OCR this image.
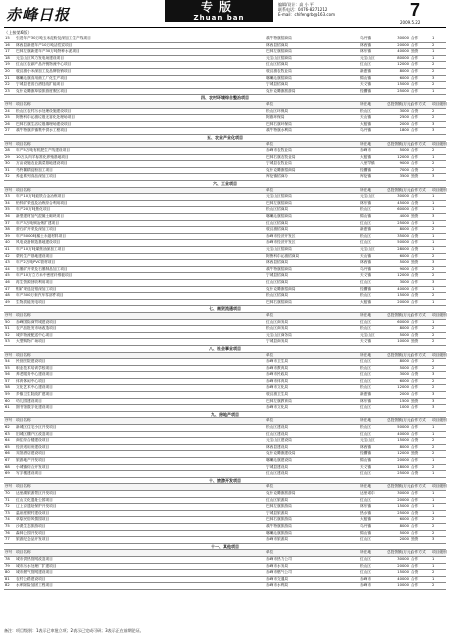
赤峰日报	专版
Zhuan ban
编辑/设计：高 小 平
联系电话：0476-8271212
E-mail：chifengrb@163.com	7
2009.5.22
（上接第6版）
15	引进年产30万吨玉米淀粉及深加工生产线项目	翁牛特旗招商局	乌丹镇	30000 合作	1
16	林西县新建年产10万吨活性炭项目	林西县招商局	林西镇	20000 合作	2
17	巴林左旗新建年产30万吨特种水泥项目	巴林左旗招商局	林东镇	40000 独资	1
18	元宝山区风力发电场建设项目	元宝山区招商局	元宝山区	80000 合作	1
19	红山区农副产品冷链物流中心项目	红山区招商局	红山区	12000 合作	2
20	敖汉旗小米深加工及品牌营销项目	敖汉旗农牧业局	新惠镇	8000 合作	2
21	喀喇沁旗食用菌工厂化生产项目	喀喇沁旗招商局	锦山镇	6000 合作	3
22	宁城县老窖白酒技改扩能项目	宁城县招商局	天义镇	15000 合作	2
23	克什克腾旗草原旅游度假区项目	克什克腾旗旅游局	经棚镇	25000 合作	1
四、农村环境综合整治项目
序号 项目名称	单位	所在地	总投资额(万元)
合作方式	项目级别
24	松山区农村污水处理设施建设项目	松山区环保局	松山区	3000 合资	2
25	阿鲁科尔沁旗垃圾无害化处理场项目	阿旗环保局	天山镇	2500 合作	2
26	巴林右旗生活垃圾填埋场建设项目	巴林右旗环保局	大板镇	2000 合作	3
27	翁牛特旗乡镇集中供水工程项目	翁牛特旗水利局	乌丹镇	1800 合作	3
五、农业产业化项目
序号 项目名称	单位	所在地	总投资额(万元)
合作方式	项目级别
28	年产5万吨有机肥生产线建设项目	赤峰市农牧业局	赤峰市	5000 合作	2
29	10万头肉羊标准化养殖基地项目	巴林右旗农牧业局	大板镇	12000 合作	1
30	万亩设施农业蔬菜基地建设项目	宁城县农牧业局	八里罕镇	9000 合作	2
31	马铃薯精淀粉加工项目	克什克腾旗招商局	经棚镇	7000 合资	2
32	荞麦系列食品深加工项目	库伦镇招商办	库伦镇	3500 独资	3
六、工业项目
序号 项目名称	单位	所在地	总投资额(万元)
合作方式	项目级别
33	年产10万吨硅铁合金冶炼项目	元宝山区招商局	元宝山区	30000 合作	1
34	铅锌矿采选及冶炼综合利用项目	巴林左旗招商局	林东镇	45000 合资	1
35	年产20万吨焦化项目	松山区招商局	松山区	60000 合作	1
36	新型建材加气混凝土砌块项目	喀喇沁旗招商局	锦山镇	4000 独资	3
37	年产3万吨铜冶炼扩建项目	红山区招商局	红山区	25000 合作	1
38	萤石矿开采及深加工项目	敖汉旗招商局	新惠镇	8000 合作	2
39	年产5000吨稀土永磁材料项目	赤峰市经济开发区	松山区	35000 合资	1
40	风电设备制造基地建设项目	赤峰市经济开发区	红山区	50000 合作	1
41	年产10万吨煤焦油深加工项目	元宝山区招商局	元宝山区	28000 合资	1
42	蒙药生产基地建设项目	阿鲁科尔沁旗招商局	天山镇	6000 合作	2
43	年产2万吨PVC管材项目	林西县招商局	林西镇	5000 独资	3
44	石墨矿开采及石墨制品加工项目	翁牛特旗招商局	乌丹镇	9000 合作	2
45	年产10万立方米中密度纤维板项目	宁城县招商局	天义镇	12000 合资	2
46	再生资源回收利用项目	红山区招商局	红山区	3000 合作	3
47	钼矿采选及钼深加工项目	克什克腾旗招商局	经棚镇	40000 合作	1
48	年产300万套汽车零部件项目	松山区招商局	松山区	15000 合资	2
49	生物质能发电项目	巴林右旗招商局	大板镇	20000 合作	1
七、商贸流通项目
序号 项目名称	单位	所在地	总投资额(万元)
合作方式	项目级别
50	赤峰国际商贸城建设项目	红山区商务局	红山区	60000 合作	1
51	农产品批发市场改造项目	松山区商务局	松山区	8000 合作	2
52	城乡物流配送中心项目	元宝山区商务局	元宝山区	5000 合资	2
53	大型购物广场项目	宁城县商务局	天义镇	10000 独资	2
八、社会事业项目
序号 项目名称	单位	所在地	总投资额(万元)
合作方式	项目级别
54	民营医院建设项目	赤峰市卫生局	红山区	8000 合作	2
55	职业技术培训学校项目	赤峰市教育局	松山区	5000 合作	2
56	养老服务中心建设项目	赤峰市民政局	红山区	3000 合资	3
57	体育休闲中心项目	赤峰市体育局	红山区	6000 合作	2
58	文化艺术中心建设项目	赤峰市文化局	松山区	12000 合作	2
59	乡镇卫生院改扩建项目	敖汉旗卫生局	新惠镇	2000 合作	3
60	幼儿园建设项目	巴林左旗教育局	林东镇	1500 独资	3
61	图书馆数字化建设项目	赤峰市文化局	红山区	1000 合作	3
九、房地产项目
序号 项目名称	单位	所在地	总投资额(万元)
合作方式	项目级别
62	新城区住宅小区开发项目	松山区建设局	松山区	50000 合作	1
63	旧城区棚户区改造项目	红山区建设局	红山区	40000 合作	1
64	商住综合楼建设项目	元宝山区建设局	元宝山区	15000 合资	2
65	经济适用房建设项目	林西县建设局	林西镇	8000 合作	2
66	宾馆酒店建设项目	克什克腾旗建设局	经棚镇	12000 独资	2
67	旅游地产开发项目	喀喇沁旗建设局	锦山镇	20000 合作	1
68	小城镇综合开发项目	宁城县建设局	天义镇	18000 合作	2
69	写字楼建设项目	红山区建设局	红山区	25000 合资	1
十、旅游开发项目
序号 项目名称	单位	所在地	总投资额(万元)
合作方式	项目级别
70	达里湖旅游景区开发项目	克什克腾旗旅游局	达里诺尔	30000 合作	1
71	红山文化遗址公园项目	红山区旅游局	红山区	20000 合作	1
72	辽上京遗址保护开发项目	巴林左旗旅游局	林东镇	15000 合作	1
73	温泉度假村建设项目	宁城县旅游局	热水镇	25000 合资	1
74	草原民俗风情园项目	巴林右旗旅游局	大板镇	6000 合作	2
75	沙漠生态旅游项目	翁牛特旗旅游局	乌丹镇	8000 合作	2
76	森林公园开发项目	喀喇沁旗旅游局	锦山镇	5000 合作	2
77	旅游纪念品开发项目	赤峰市旅游局	红山区	2000 独资	3
十一、其他项目
序号 项目名称	单位	所在地	总投资额(万元)
合作方式	项目级别
78	城市供热管网改造项目	赤峰市热力公司	红山区	30000 合作	1
79	城市污水处理厂扩建项目	赤峰市水务局	松山区	20000 合作	1
80	城市燃气管网建设项目	赤峰市燃气公司	红山区	15000 合资	2
81	农村公路建设项目	赤峰市交通局	赤峰市	40000 合作	1
82	水库除险加固工程项目	赤峰市水利局	赤峰市	10000 合作	2
备注：项目级别：1表示已审批立项；2表示已完成可研；3表示正在前期论证。
